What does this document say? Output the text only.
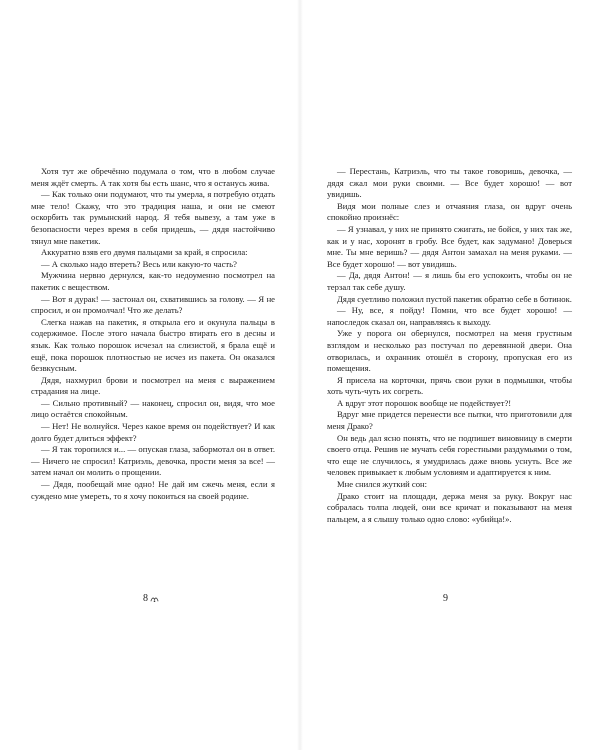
Хотя тут же обречённо подумала о том, что в любом случае меня ждёт смерть. А так хотя бы есть шанс, что я останусь жива.

— Как только они подумают, что ты умерла, я потребую отдать мне тело! Скажу, что это традиция наша, и они не смеют оскорбить так румынский народ. Я тебя вывезу, а там уже в безопасности через время в себя придешь, — дядя настойчиво тянул мне пакетик.

Аккуратно взяв его двумя пальцами за край, я спросила:

— А сколько надо втереть? Весь или какую-то часть?

Мужчина нервно дернулся, как-то недоуменно посмотрел на пакетик с веществом.

— Вот я дурак! — застонал он, схватившись за голову. — Я не спросил, и он промолчал! Что же делать?

Слегка нажав на пакетик, я открыла его и окунула пальцы в содержимое. После этого начала быстро втирать его в десны и язык. Как только порошок исчезал на слизистой, я брала ещё и ещё, пока порошок плотностью не исчез из пакета. Он оказался безвкусным.

Дядя, нахмурил брови и посмотрел на меня с выражением страдания на лице.

— Сильно противный? — наконец, спросил он, видя, что мое лицо остаётся спокойным.

— Нет! Не волнуйся. Через какое время он подействует? И как долго будет длиться эффект?

— Я так торопился и... — опуская глаза, забормотал он в ответ. — Ничего не спросил! Катриэль, девочка, прости меня за все! — затем начал он молить о прощении.

— Дядя, пообещай мне одно! Не дай им сжечь меня, если я суждено мне умереть, то я хочу покоиться на своей родине.

8

— Перестань, Катриэль, что ты такое говоришь, девочка, — дядя сжал мои руки своими. — Все будет хорошо! — вот увидишь.

Видя мои полные слез и отчаяния глаза, он вдруг очень спокойно произнёс:

— Я узнавал, у них не принято сжигать, не бойся, у них так же, как и у нас, хоронят в гробу. Все будет, как задумано! Доверься мне. Ты мне веришь? — дядя Антон замахал на меня руками. — Все будет хорошо! — вот увидишь.

— Да, дядя Антон! — я лишь бы его успокоить, чтобы он не терзал так себе душу.

Дядя суетливо положил пустой пакетик обратно себе в ботинок.

— Ну, все, я пойду! Помни, что все будет хорошо! — напоследок сказал он, направляясь к выходу.

Уже у порога он обернулся, посмотрел на меня грустным взглядом и несколько раз постучал по деревянной двери. Она отворилась, и охранник отошёл в сторону, пропуская его из помещения.

Я присела на корточки, прячь свои руки в подмышки, чтобы хоть чуть-чуть их согреть.

А вдруг этот порошок вообще не подействует?!

Вдруг мне придется перенести все пытки, что приготовили для меня Драко?

Он ведь дал ясно понять, что не подпишет виновницу в смерти своего отца. Решив не мучать себя горестными раздумьями о том, что еще не случилось, я умудрилась даже вновь уснуть. Все же человек привыкает к любым условиям и адаптируется к ним.

Мне снился жуткий сон:

Драко стоит на площади, держа меня за руку. Вокруг нас собралась толпа людей, они все кричат и показывают на меня пальцем, а я слышу только одно слово: «убийца!».

9
